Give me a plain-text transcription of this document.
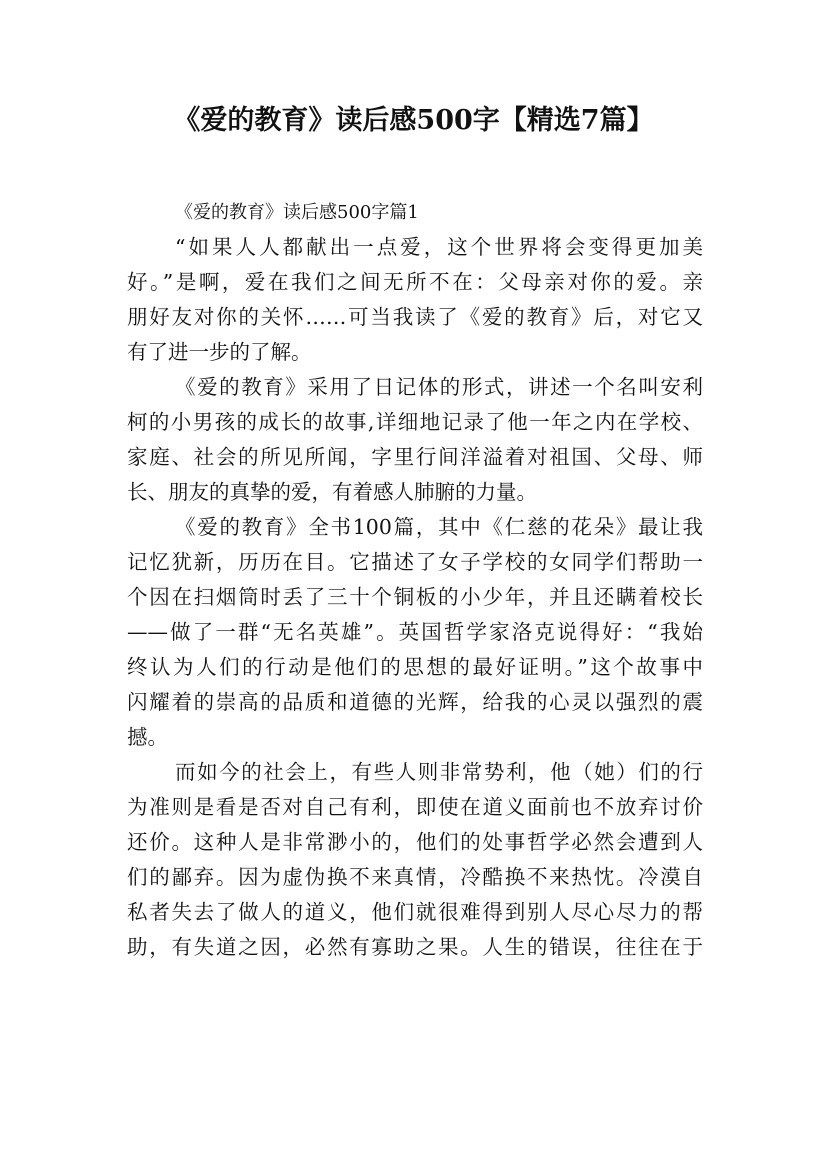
《爱的教育》读后感500字【精选7篇】

《爱的教育》读后感500字篇1

“如果人人都献出一点爱，这个世界将会变得更加美
好。”是啊，爱在我们之间无所不在：父母亲对你的爱。亲
朋好友对你的关怀……可当我读了《爱的教育》后，对它又
有了进一步的了解。
《爱的教育》采用了日记体的形式，讲述一个名叫安利
柯的小男孩的成长的故事,详细地记录了他一年之内在学校、
家庭、社会的所见所闻，字里行间洋溢着对祖国、父母、师
长、朋友的真挚的爱，有着感人肺腑的力量。
《爱的教育》全书100篇，其中《仁慈的花朵》最让我
记忆犹新，历历在目。它描述了女子学校的女同学们帮助一
个因在扫烟筒时丢了三十个铜板的小少年，并且还瞒着校长
——做了一群“无名英雄”。英国哲学家洛克说得好：“我始
终认为人们的行动是他们的思想的最好证明。”这个故事中
闪耀着的崇高的品质和道德的光辉，给我的心灵以强烈的震
撼。
而如今的社会上，有些人则非常势利，他（她）们的行
为准则是看是否对自己有利，即使在道义面前也不放弃讨价
还价。这种人是非常渺小的，他们的处事哲学必然会遭到人
们的鄙弃。因为虚伪换不来真情，冷酷换不来热忱。冷漠自
私者失去了做人的道义，他们就很难得到别人尽心尽力的帮
助，有失道之因，必然有寡助之果。人生的错误，往往在于
